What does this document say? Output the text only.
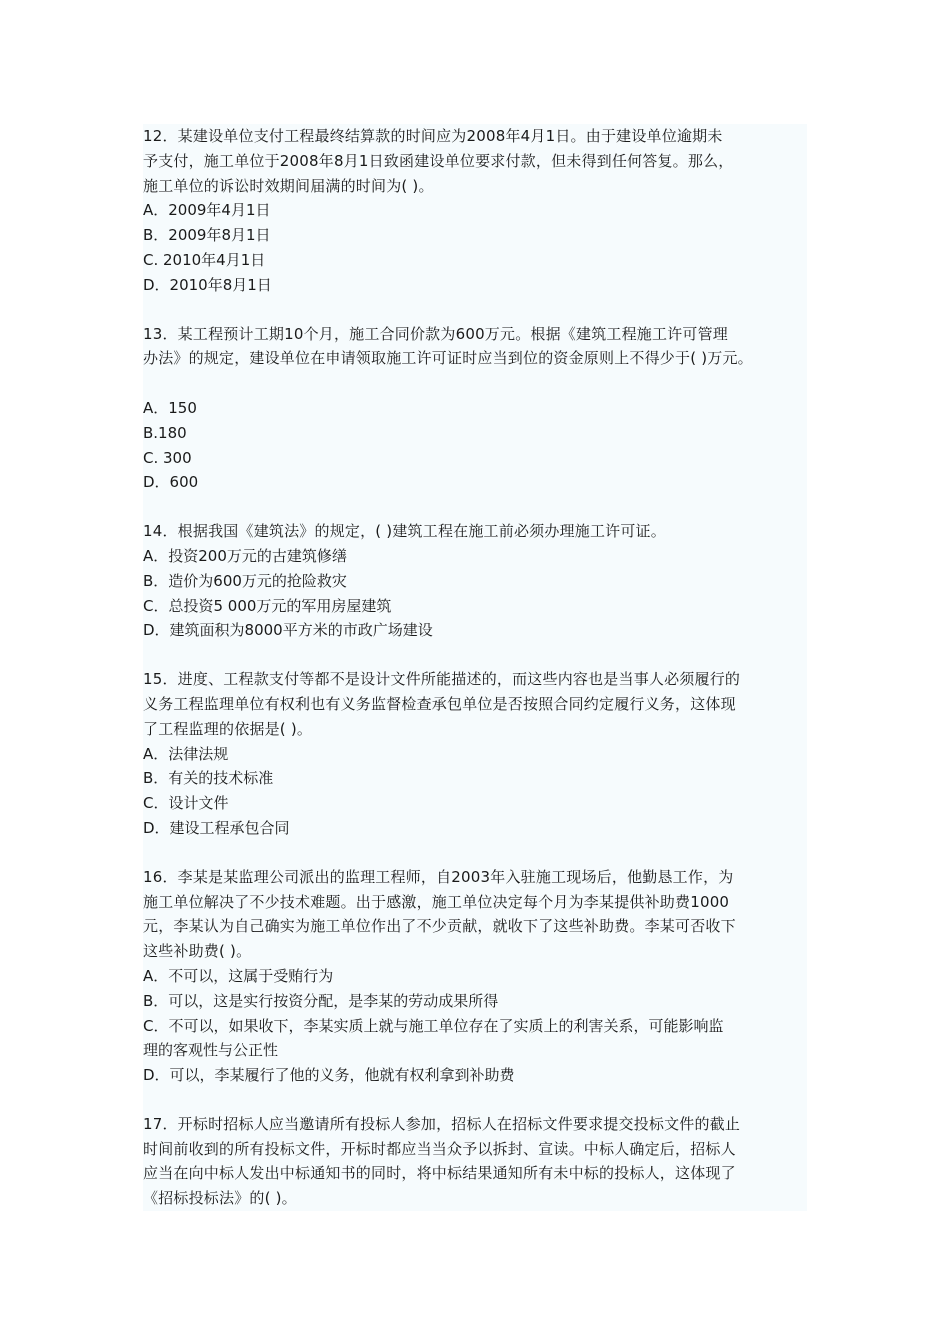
12．某建设单位支付工程最终结算款的时间应为2008年4月1日。由于建设单位逾期未

予支付，施工单位于2008年8月1日致函建设单位要求付款，但未得到任何答复。那么，

施工单位的诉讼时效期间届满的时间为( )。

A．2009年4月1日

B．2009年8月1日

C. 2010年4月1日

D．2010年8月1日

13．某工程预计工期10个月，施工合同价款为600万元。根据《建筑工程施工许可管理

办法》的规定，建设单位在申请领取施工许可证时应当到位的资金原则上不得少于( )万元。

A．150

B.180

C. 300

D．600

14．根据我国《建筑法》的规定，( )建筑工程在施工前必须办理施工许可证。

A．投资200万元的古建筑修缮

B．造价为600万元的抢险救灾

C．总投资5 000万元的军用房屋建筑

D．建筑面积为8000平方米的市政广场建设

15．进度、工程款支付等都不是设计文件所能描述的，而这些内容也是当事人必须履行的

义务工程监理单位有权利也有义务监督检查承包单位是否按照合同约定履行义务，这体现

了工程监理的依据是( )。

A．法律法规

B．有关的技术标准

C．设计文件

D．建设工程承包合同

16．李某是某监理公司派出的监理工程师，自2003年入驻施工现场后，他勤恳工作，为

施工单位解决了不少技术难题。出于感激，施工单位决定每个月为李某提供补助费1000

元，李某认为自己确实为施工单位作出了不少贡献，就收下了这些补助费。李某可否收下

这些补助费( )。

A．不可以，这属于受贿行为

B．可以，这是实行按资分配，是李某的劳动成果所得

C．不可以，如果收下，李某实质上就与施工单位存在了实质上的利害关系，可能影响监

理的客观性与公正性

D．可以，李某履行了他的义务，他就有权利拿到补助费

17．开标时招标人应当邀请所有投标人参加，招标人在招标文件要求提交投标文件的截止

时间前收到的所有投标文件，开标时都应当当众予以拆封、宣读。中标人确定后，招标人

应当在向中标人发出中标通知书的同时，将中标结果通知所有未中标的投标人，这体现了

《招标投标法》的( )。
